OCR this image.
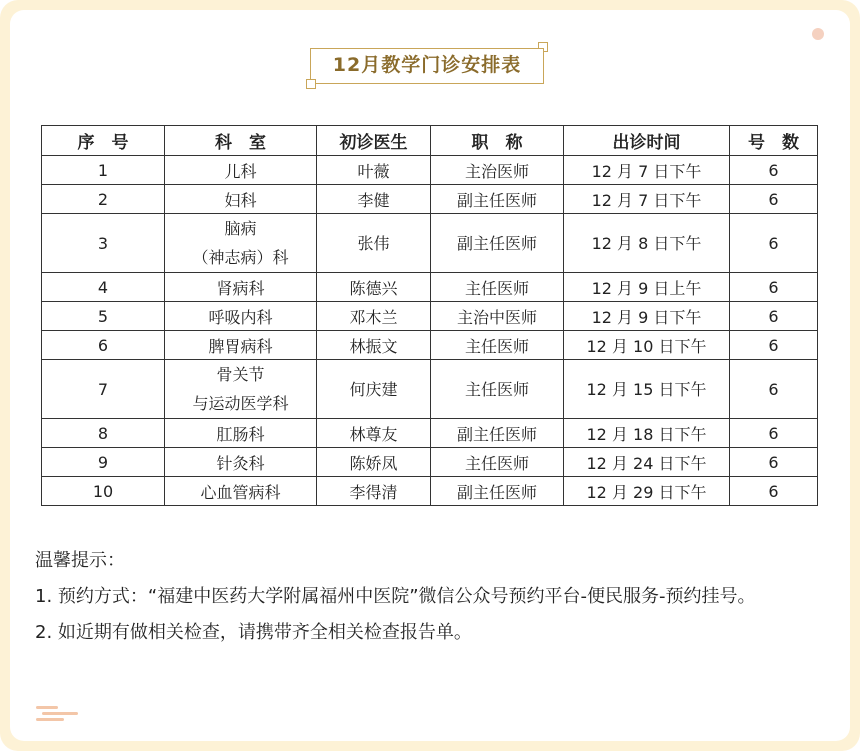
12月教学门诊安排表
序　号	科　室	初诊医生	职　称	出诊时间	号　数
1	儿科	叶薇	主治医师	12 月 7 日下午	6
2	妇科	李健	副主任医师	12 月 7 日下午	6
3	脑病
（神志病）科	张伟	副主任医师	12 月 8 日下午	6
4	肾病科	陈德兴	主任医师	12 月 9 日上午	6
5	呼吸内科	邓木兰	主治中医师	12 月 9 日下午	6
6	脾胃病科	林振文	主任医师	12 月 10 日下午	6
7	骨关节
与运动医学科	何庆建	主任医师	12 月 15 日下午	6
8	肛肠科	林尊友	副主任医师	12 月 18 日下午	6
9	针灸科	陈娇凤	主任医师	12 月 24 日下午	6
10	心血管病科	李得清	副主任医师	12 月 29 日下午	6

温馨提示：

1. 预约方式：“福建中医药大学附属福州中医院”微信公众号预约平台-便民服务-预约挂号。

2. 如近期有做相关检查，请携带齐全相关检查报告单。
